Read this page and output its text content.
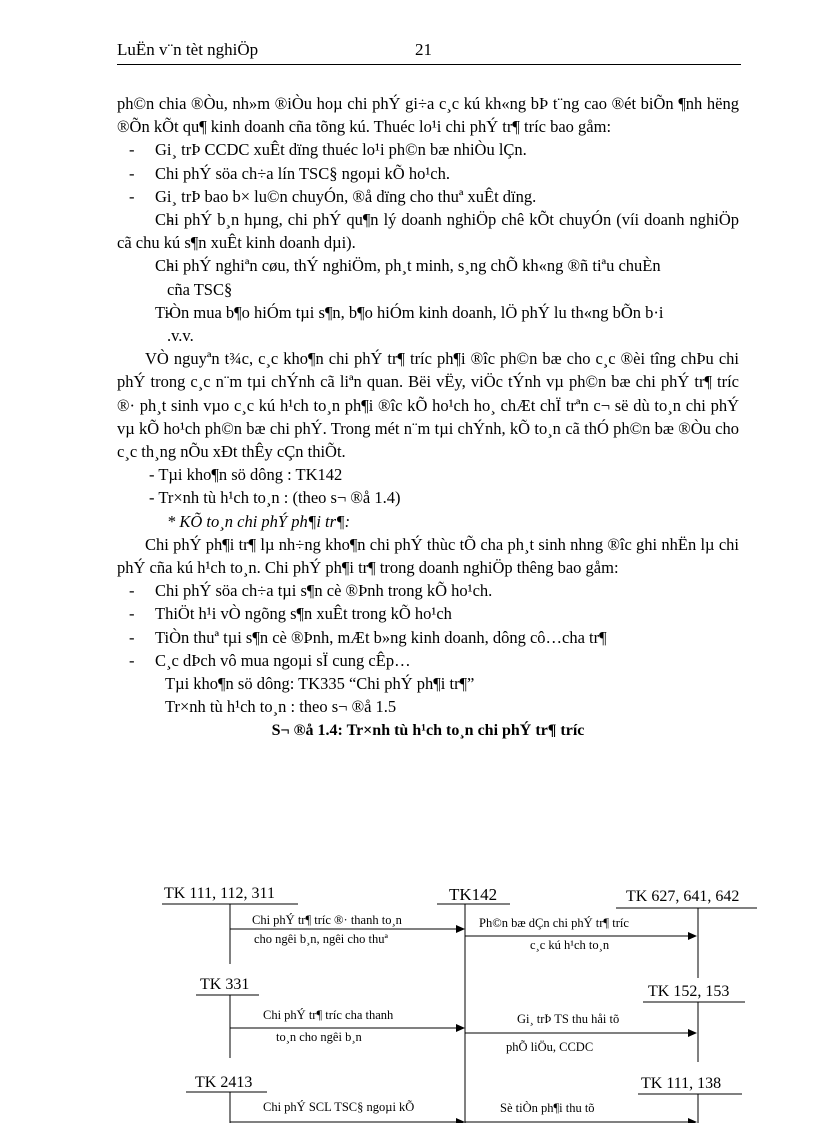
LuËn v¨n tèt nghiÖp	21

ph©n chia ®Òu, nh»m ®iÒu hoµ chi phÝ gi÷a c¸c kú kh«ng bÞ t¨ng cao ®ét biÕn ¶nh hëng ®Õn kÕt qu¶ kinh doanh cña tõng kú. Thuéc lo¹i chi phÝ tr¶ tríc bao gåm:

- Gi¸ trÞ CCDC xuÊt dïng thuéc lo¹i ph©n bæ nhiÒu lÇn.

- Chi phÝ söa ch÷a lín TSC§ ngoµi kÕ ho¹ch.

- Gi¸ trÞ bao b× lu©n chuyÓn, ®å dïng cho thuª xuÊt dïng.

- Chi phÝ b¸n hµng, chi phÝ qu¶n lý doanh nghiÖp chê kÕt chuyÓn (víi doanh nghiÖp cã chu kú s¶n xuÊt kinh doanh dµi).

- Chi phÝ nghiªn cøu, thÝ nghiÖm, ph¸t minh, s¸ng chÕ kh«ng ®ñ tiªu chuÈn

cña TSC§

- TiÒn mua b¶o hiÓm tµi s¶n, b¶o hiÓm kinh doanh, lÖ phÝ lu th«ng bÕn b·i

.v.v.

VÒ nguyªn t¾c, c¸c kho¶n chi phÝ tr¶ tríc ph¶i ®îc ph©n bæ cho c¸c ®èi tîng chÞu chi phÝ trong c¸c n¨m tµi chÝnh cã liªn quan. Bëi vËy, viÖc tÝnh vµ ph©n bæ chi phÝ tr¶ tríc ®· ph¸t sinh vµo c¸c kú h¹ch to¸n ph¶i ®îc kÕ ho¹ch ho¸ chÆt chÏ trªn c¬ së dù to¸n chi phÝ vµ kÕ ho¹ch ph©n bæ chi phÝ. Trong mét n¨m tµi chÝnh, kÕ to¸n cã thÓ ph©n bæ ®Òu cho c¸c th¸ng nÕu xÐt thÊy cÇn thiÕt.

- Tµi kho¶n sö dông : TK142

- Tr×nh tù h¹ch to¸n : (theo s¬ ®å 1.4)

* KÕ to¸n chi phÝ ph¶i tr¶:

Chi phÝ ph¶i tr¶ lµ nh÷ng kho¶n chi phÝ thùc tÕ cha ph¸t sinh nhng ®îc ghi nhËn lµ chi phÝ cña kú h¹ch to¸n. Chi phÝ ph¶i tr¶ trong doanh nghiÖp thêng bao gåm:

- Chi phÝ söa ch÷a tµi s¶n cè ®Þnh trong kÕ ho¹ch.

- ThiÖt h¹i vÒ ngõng s¶n xuÊt trong kÕ ho¹ch

- TiÒn thuª tµi s¶n cè ®Þnh, mÆt b»ng kinh doanh, dông cô…cha tr¶

- C¸c dÞch vô mua ngoµi sÏ cung cÊp…

Tµi kho¶n sö dông: TK335 “Chi phÝ ph¶i tr¶”

Tr×nh tù h¹ch to¸n : theo s¬ ®å 1.5

S¬ ®å 1.4: Tr×nh tù h¹ch to¸n chi phÝ tr¶ tríc

TK 111, 112, 311	TK142	TK 627, 641, 642
TK 331	TK 152, 153
TK 2413	TK 111, 138
Chi phÝ tr¶ tríc ®· thanh to¸n
cho ngêi b¸n, ngêi cho thuª
Ph©n bæ dÇn chi phÝ tr¶ tríc
c¸c kú h¹ch to¸n
Chi phÝ tr¶ tríc cha thanh
to¸n cho ngêi b¸n
Gi¸ trÞ TS thu håi tõ
phÕ liÖu, CCDC
Chi phÝ SCL TSC§ ngoµi kÕ	Sè tiÒn ph¶i thu tõ
